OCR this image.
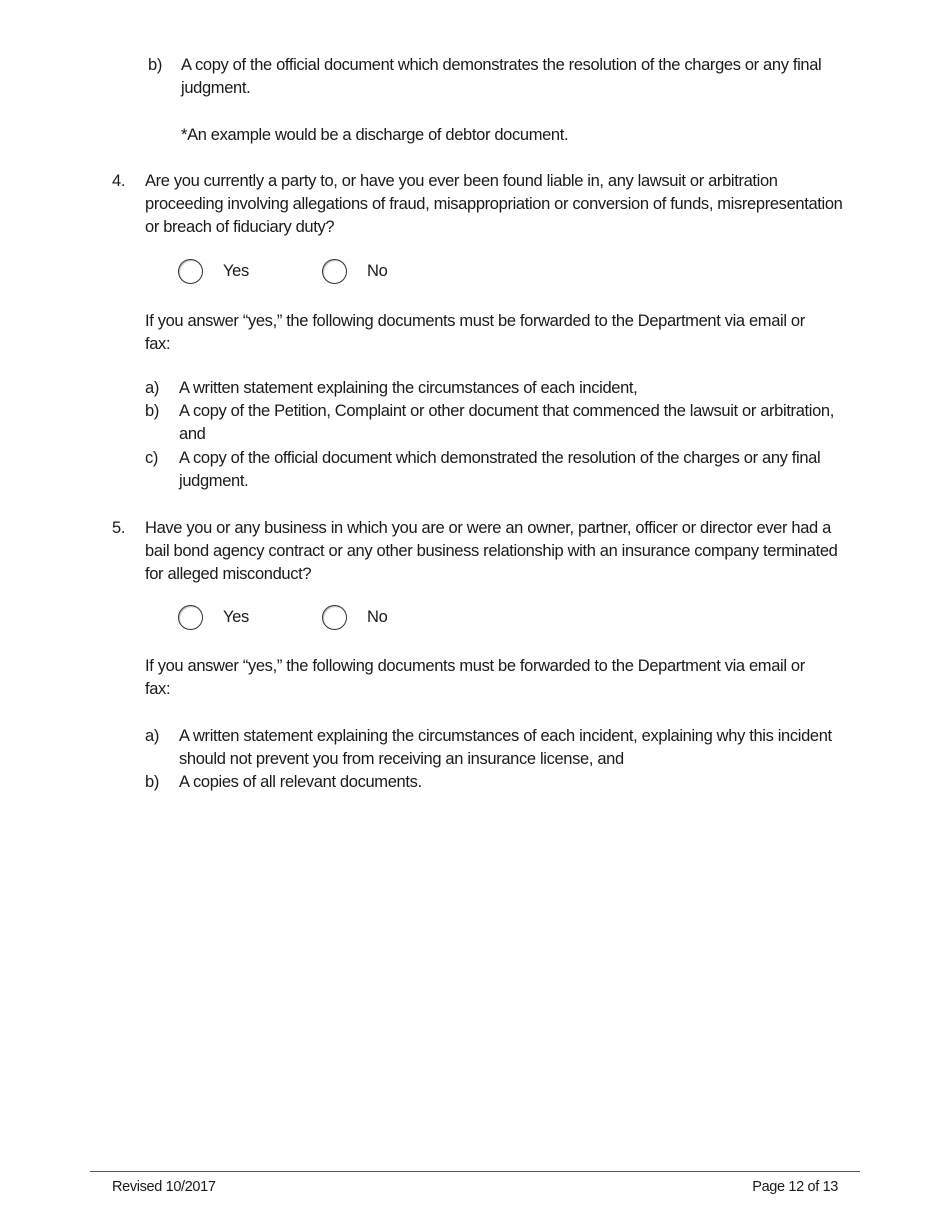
b) A copy of the official document which demonstrates the resolution of the charges or any final judgment.
*An example would be a discharge of debtor document.
4. Are you currently a party to, or have you ever been found liable in, any lawsuit or arbitration proceeding involving allegations of fraud, misappropriation or conversion of funds, misrepresentation or breach of fiduciary duty?
Yes	No
If you answer “yes,” the following documents must be forwarded to the Department via email or fax:
a) A written statement explaining the circumstances of each incident,
b) A copy of the Petition, Complaint or other document that commenced the lawsuit or arbitration, and
c) A copy of the official document which demonstrated the resolution of the charges or any final judgment.
5. Have you or any business in which you are or were an owner, partner, officer or director ever had a bail bond agency contract or any other business relationship with an insurance company terminated for alleged misconduct?
Yes	No
If you answer “yes,” the following documents must be forwarded to the Department via email or fax:
a) A written statement explaining the circumstances of each incident, explaining why this incident should not prevent you from receiving an insurance license, and
b) A copies of all relevant documents.
Revised 10/2017	Page 12 of 13
